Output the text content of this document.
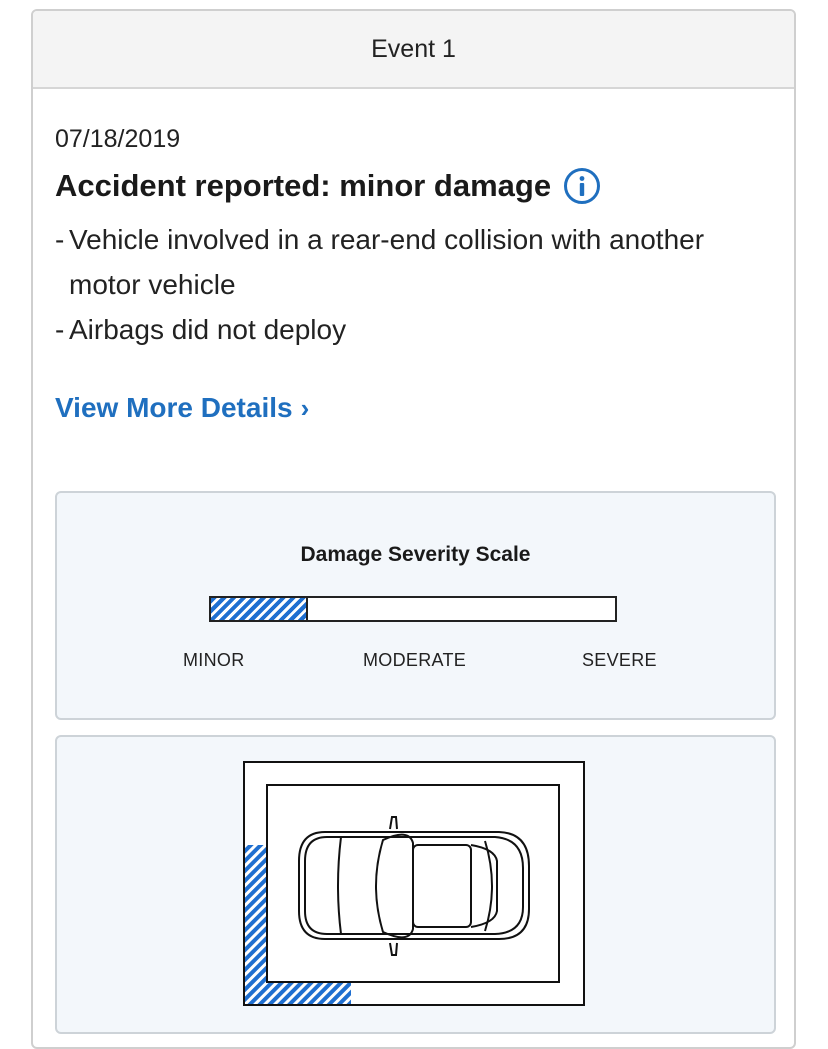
Event 1
07/18/2019
Accident reported: minor damage
- Vehicle involved in a rear-end collision with another motor vehicle
- Airbags did not deploy
View More Details ›
Damage Severity Scale
MINOR	MODERATE	SEVERE
